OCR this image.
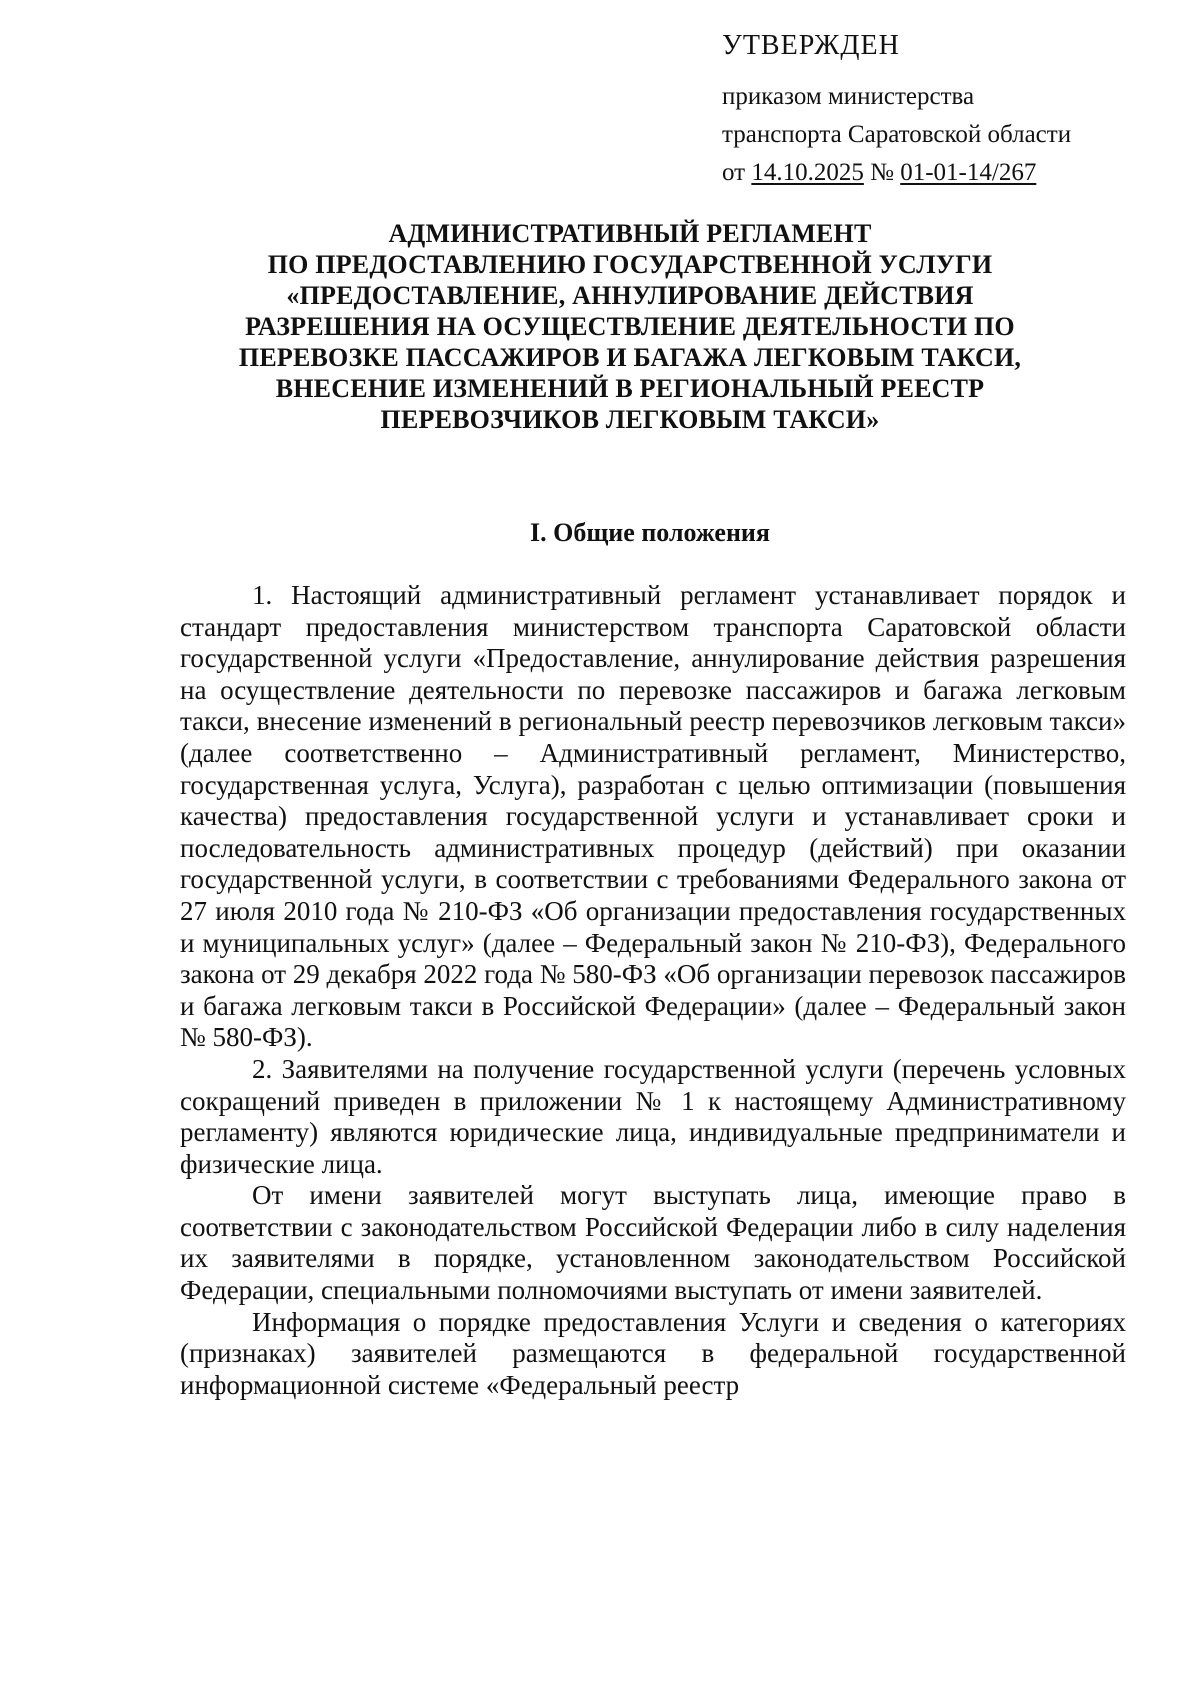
УТВЕРЖДЕН
приказом министерства
транспорта Саратовской области
от 14.10.2025 № 01-01-14/267
АДМИНИСТРАТИВНЫЙ РЕГЛАМЕНТ
ПО ПРЕДОСТАВЛЕНИЮ ГОСУДАРСТВЕННОЙ УСЛУГИ
«ПРЕДОСТАВЛЕНИЕ, АННУЛИРОВАНИЕ ДЕЙСТВИЯ
РАЗРЕШЕНИЯ НА ОСУЩЕСТВЛЕНИЕ ДЕЯТЕЛЬНОСТИ ПО
ПЕРЕВОЗКЕ ПАССАЖИРОВ И БАГАЖА ЛЕГКОВЫМ ТАКСИ,
ВНЕСЕНИЕ ИЗМЕНЕНИЙ В РЕГИОНАЛЬНЫЙ РЕЕСТР
ПЕРЕВОЗЧИКОВ ЛЕГКОВЫМ ТАКСИ»
I. Общие положения

1. Настоящий административный регламент устанавливает порядок и стандарт предоставления министерством транспорта Саратовской области государственной услуги «Предоставление, аннулирование действия разрешения на осуществление деятельности по перевозке пассажиров и багажа легковым такси, внесение изменений в региональный реестр перевозчиков легковым такси» (далее соответственно – Административный регламент, Министерство, государственная услуга, Услуга), разработан с целью оптимизации (повышения качества) предоставления государственной услуги и устанавливает сроки и последовательность административных процедур (действий) при оказании государственной услуги, в соответствии с требованиями Федерального закона от 27 июля 2010 года № 210-ФЗ «Об организации предоставления государственных и муниципальных услуг» (далее – Федеральный закон № 210-ФЗ), Федерального закона от 29 декабря 2022 года № 580-ФЗ «Об организации перевозок пассажиров и багажа легковым такси в Российской Федерации» (далее – Федеральный закон № 580-ФЗ).

2. Заявителями на получение государственной услуги (перечень условных сокращений приведен в приложении № 1 к настоящему Административному регламенту) являются юридические лица, индивидуальные предприниматели и физические лица.

От имени заявителей могут выступать лица, имеющие право в соответствии с законодательством Российской Федерации либо в силу наделения их заявителями в порядке, установленном законодательством Российской Федерации, специальными полномочиями выступать от имени заявителей.

Информация о порядке предоставления Услуги и сведения о категориях (признаках) заявителей размещаются в федеральной государственной информационной системе «Федеральный реестр
